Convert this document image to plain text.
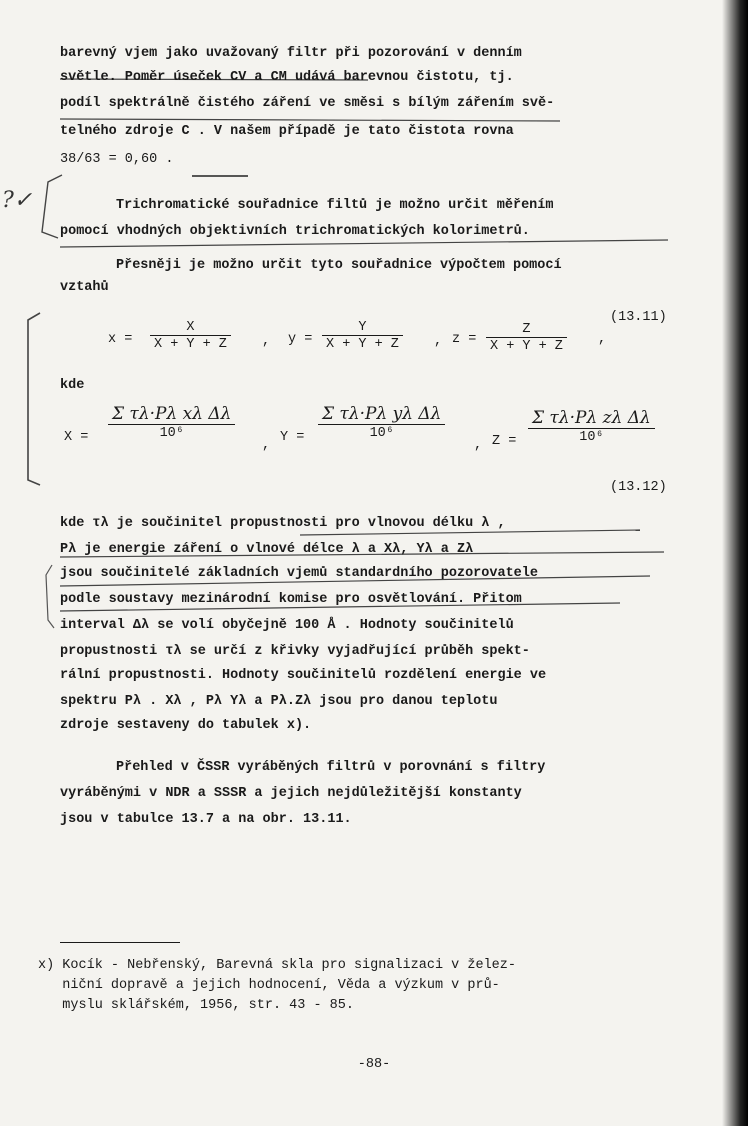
barevný vjem jako uvažovaný filtr při pozorování v denním
světle. Poměr úseček CV a CM udává barevnou čistotu, tj.
podíl spektrálně čistého záření ve směsi s bílým zářením svě-
telného zdroje C . V našem případě je tato čistota rovna
38/63 = 0,60 .
?✓	Trichromatické souřadnice filtů je možno určit měřením
pomocí vhodných objektivních trichromatických kolorimetrů.
Přesněji je možno určit tyto souřadnice výpočtem pomocí
vztahů
$x = \frac{X}{X + Y + Z}$ , $y = \frac{Y}{X + Y + Z}$ , $z = \frac{Z}{X + Y + Z}$ ,
(13.11)
kde
X =
Σ τλ·Pλ xλ Δλ
10⁶
,
Y =
Σ τλ·Pλ yλ Δλ
10⁶
, Z =
Σ τλ·Pλ zλ Δλ
10⁶
(13.12)
kde τλ je součinitel propustnosti pro vlnovou délku λ ,
Pλ je energie záření o vlnové délce λ a Xλ, Yλ a Zλ
jsou součinitelé základních vjemů standardního pozorovatele
podle soustavy mezinárodní komise pro osvětlování. Přitom
interval Δλ se volí obyčejně 100 Å . Hodnoty součinitelů
propustnosti τλ se určí z křivky vyjadřující průběh spekt-
rální propustnosti. Hodnoty součinitelů rozdělení energie ve
spektru Pλ . Xλ , Pλ Yλ a Pλ.Zλ jsou pro danou teplotu
zdroje sestaveny do tabulek x).
Přehled v ČSSR vyráběných filtrů v porovnání s filtry
vyráběnými v NDR a SSSR a jejich nejdůležitější konstanty
jsou v tabulce 13.7 a na obr. 13.11.
x) Kocík - Nebřenský, Barevná skla pro signalizaci v želez-
niční dopravě a jejich hodnocení, Věda a výzkum v prů-
myslu sklářském, 1956, str. 43 - 85.
-88-
